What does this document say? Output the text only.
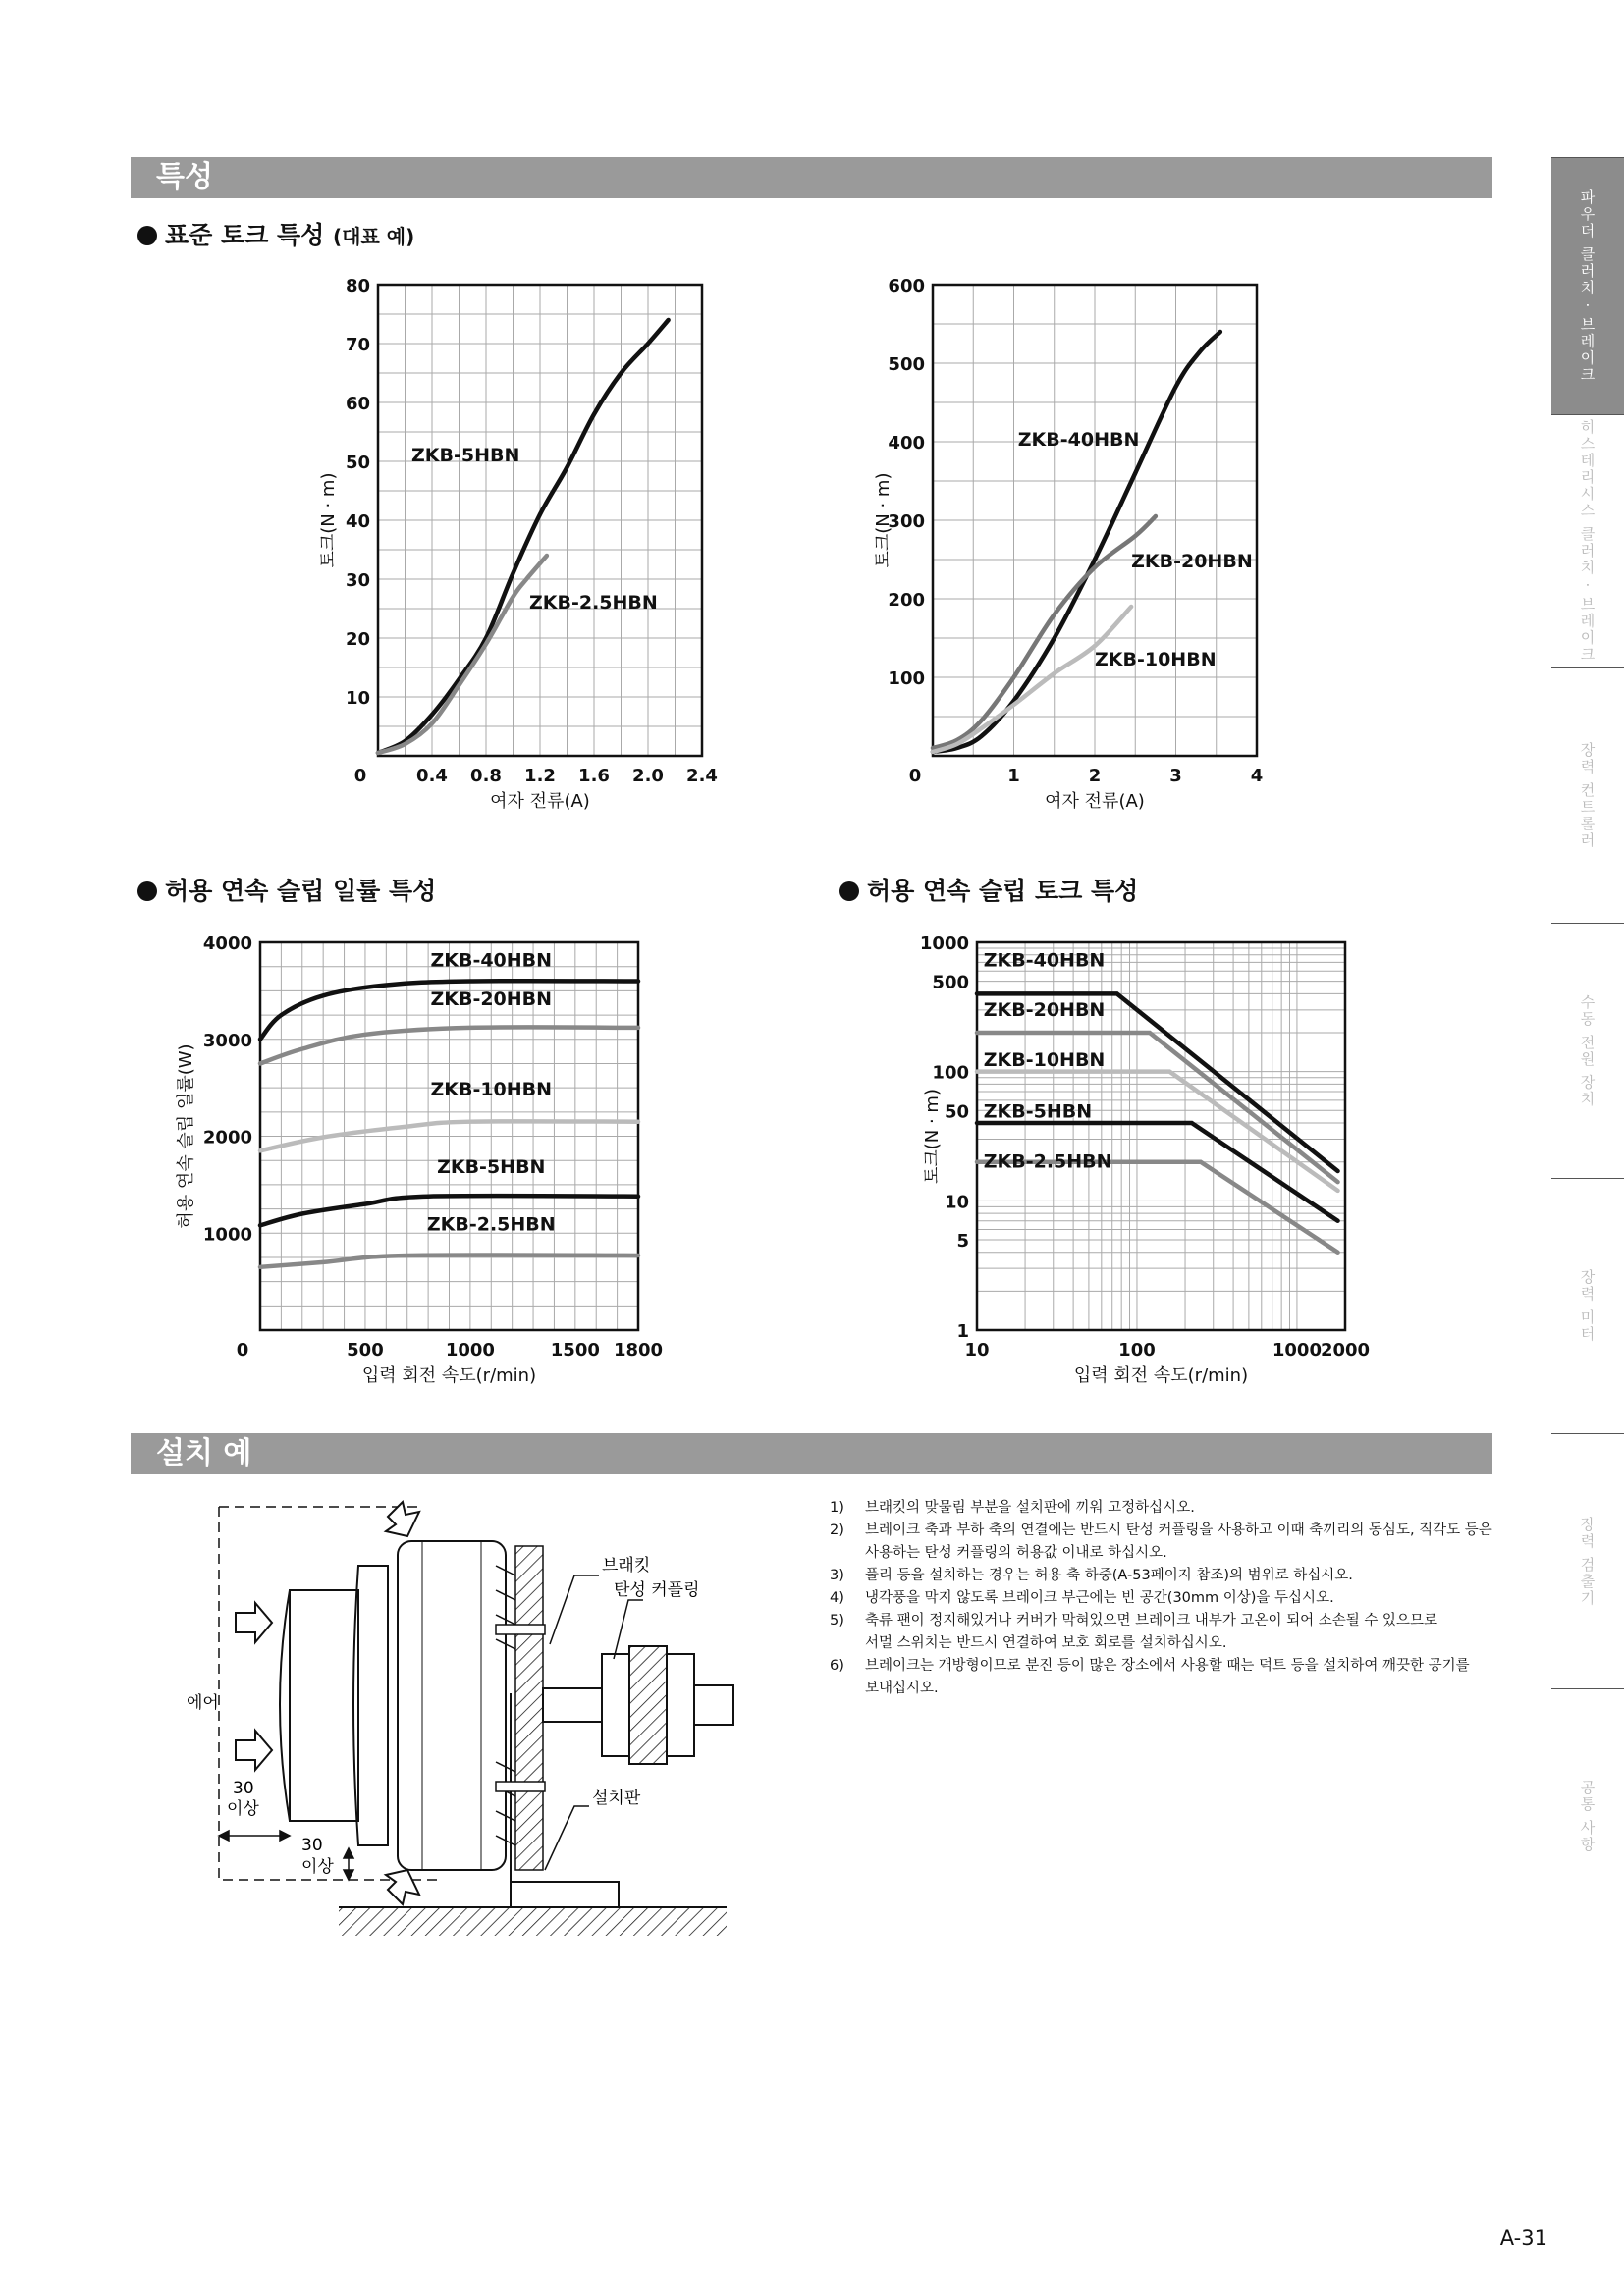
특성
표준 토크 특성 (대표 예)
0.4 0.8 1.2 1.6 2.0 2.4
10
20
30
40
50
60
70
80
0
여자 전류(A)
토크(N · m)
ZKB-5HBN
ZKB-2.5HBN
1	2	3	4
100
200
300
400
500
600
0
여자 전류(A)
토크(N · m)
ZKB-40HBN
ZKB-20HBN
ZKB-10HBN
허용 연속 슬립 일률 특성	허용 연속 슬립 토크 특성
500	1000	1500 1800
1000
2000
3000
4000
0
입력 회전 속도(r/min)
허용 연속 슬립 일률(W)
ZKB-40HBN
ZKB-20HBN
ZKB-10HBN
ZKB-5HBN
ZKB-2.5HBN
10	100	1000
2000
1
5
10
50
100
500
1000
입력 회전 속도(r/min)
토크(N · m)
ZKB-40HBN
ZKB-20HBN
ZKB-10HBN
ZKB-5HBN
ZKB-2.5HBN
설치 예
브래킷
탄성 커플링
설치판
에어
30
이상
30
이상
1) 브래킷의 맞물림 부분을 설치판에 끼워 고정하십시오.
2) 브레이크 축과 부하 축의 연결에는 반드시 탄성 커플링을 사용하고 이때 축끼리의 동심도, 직각도 등은
사용하는 탄성 커플링의 허용값 이내로 하십시오.
3) 풀리 등을 설치하는 경우는 허용 축 하중(A-53페이지 참조)의 범위로 하십시오.
4) 냉각풍을 막지 않도록 브레이크 부근에는 빈 공간(30mm 이상)을 두십시오.
5) 축류 팬이 정지해있거나 커버가 막혀있으면 브레이크 내부가 고온이 되어 소손될 수 있으므로
서멀 스위치는 반드시 연결하여 보호 회로를 설치하십시오.
6) 브레이크는 개방형이므로 분진 등이 많은 장소에서 사용할 때는 덕트 등을 설치하여 깨끗한 공기를
보내십시오.
파우더 클러치 · 브레이크
히스테리시스 클러치 · 브레이크
장력 컨트롤러
수동 전원 장치
장력 미터
장력 검출기
공통 사항
A-31
